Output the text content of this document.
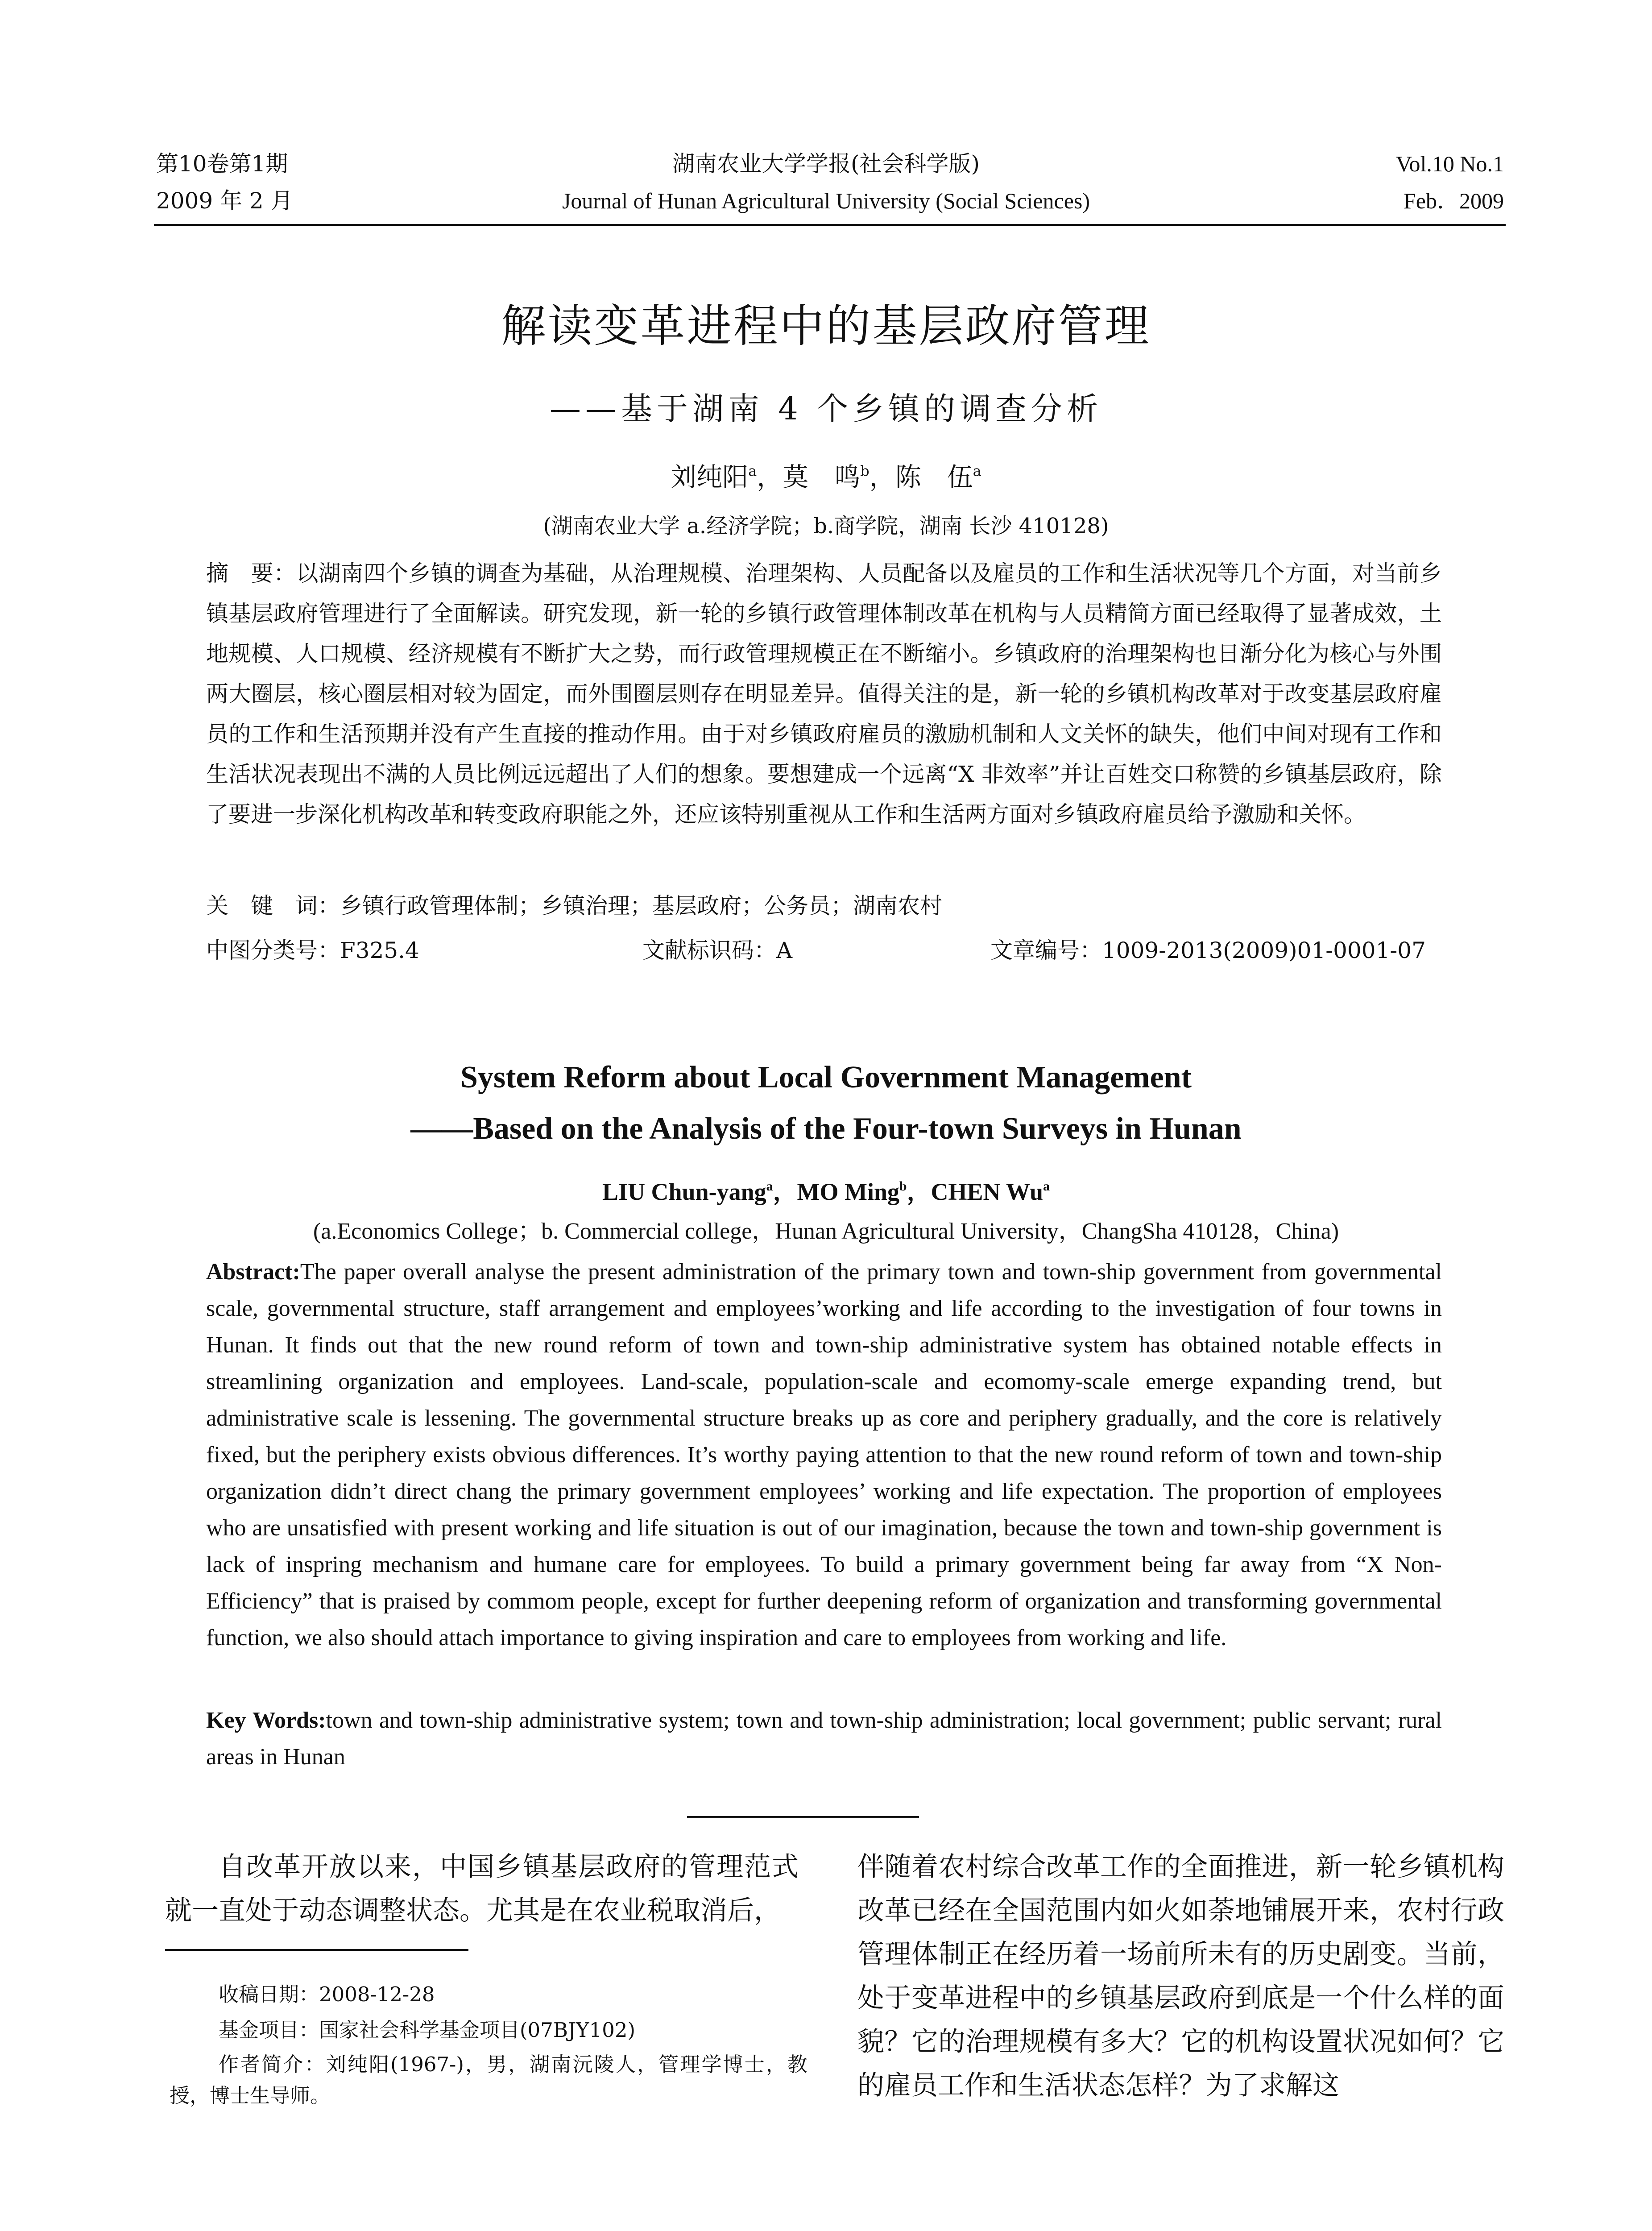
第10卷第1期
2009 年 2 月
湖南农业大学学报(社会科学版)
Journal of Hunan Agricultural University (Social Sciences)
Vol.10 No.1
Feb．2009
解读变革进程中的基层政府管理
——基于湖南 4 个乡镇的调查分析
刘纯阳$^a$，莫　鸣$^b$，陈　伍$^a$
(湖南农业大学 a.经济学院；b.商学院，湖南 长沙 410128)
摘　要：以湖南四个乡镇的调查为基础，从治理规模、治理架构、人员配备以及雇员的工作和生活状况等几个方面，对当前乡镇基层政府管理进行了全面解读。研究发现，新一轮的乡镇行政管理体制改革在机构与人员精简方面已经取得了显著成效，土地规模、人口规模、经济规模有不断扩大之势，而行政管理规模正在不断缩小。乡镇政府的治理架构也日渐分化为核心与外围两大圈层，核心圈层相对较为固定，而外围圈层则存在明显差异。值得关注的是，新一轮的乡镇机构改革对于改变基层政府雇员的工作和生活预期并没有产生直接的推动作用。由于对乡镇政府雇员的激励机制和人文关怀的缺失，他们中间对现有工作和生活状况表现出不满的人员比例远远超出了人们的想象。要想建成一个远离“X 非效率”并让百姓交口称赞的乡镇基层政府，除了要进一步深化机构改革和转变政府职能之外，还应该特别重视从工作和生活两方面对乡镇政府雇员给予激励和关怀。
关　键　词：乡镇行政管理体制；乡镇治理；基层政府；公务员；湖南农村
中图分类号：F325.4	文献标识码：A	文章编号：1009-2013(2009)01-0001-07
System Reform about Local Government Management
——Based on the Analysis of the Four-town Surveys in Hunan
LIU Chun-yang$^a$，MO Ming$^b$，CHEN Wu$^a$
(a.Economics College；b. Commercial college，Hunan Agricultural University，ChangSha 410128，China)
Abstract:The paper overall analyse the present administration of the primary town and town-ship government from governmental scale, governmental structure, staff arrangement and employees’working and life according to the investigation of four towns in Hunan. It finds out that the new round reform of town and town-ship administrative system has obtained notable effects in streamlining organization and employees. Land-scale, population-scale and ecomomy-scale emerge expanding trend, but administrative scale is lessening. The governmental structure breaks up as core and periphery gradually, and the core is relatively fixed, but the periphery exists obvious differences. It’s worthy paying attention to that the new round reform of town and town-ship organization didn’t direct chang the primary government employees’ working and life expectation. The proportion of employees who are unsatisfied with present working and life situation is out of our imagination, because the town and town-ship government is lack of inspring mechanism and humane care for employees. To build a primary government being far away from “X Non-Efficiency” that is praised by commom people, except for further deepening reform of organization and transforming governmental function, we also should attach importance to giving inspiration and care to employees from working and life.
Key Words:town and town-ship administrative system; town and town-ship administration; local government; public servant; rural areas in Hunan
自改革开放以来，中国乡镇基层政府的管理范式就一直处于动态调整状态。尤其是在农业税取消后，
收稿日期：2008-12-28
基金项目：国家社会科学基金项目(07BJY102)
作者简介：刘纯阳(1967-)，男，湖南沅陵人，管理学博士，教授，博士生导师。
伴随着农村综合改革工作的全面推进，新一轮乡镇机构改革已经在全国范围内如火如荼地铺展开来，农村行政管理体制正在经历着一场前所未有的历史剧变。当前，处于变革进程中的乡镇基层政府到底是一个什么样的面貌？它的治理规模有多大？它的机构设置状况如何？它的雇员工作和生活状态怎样？为了求解这
